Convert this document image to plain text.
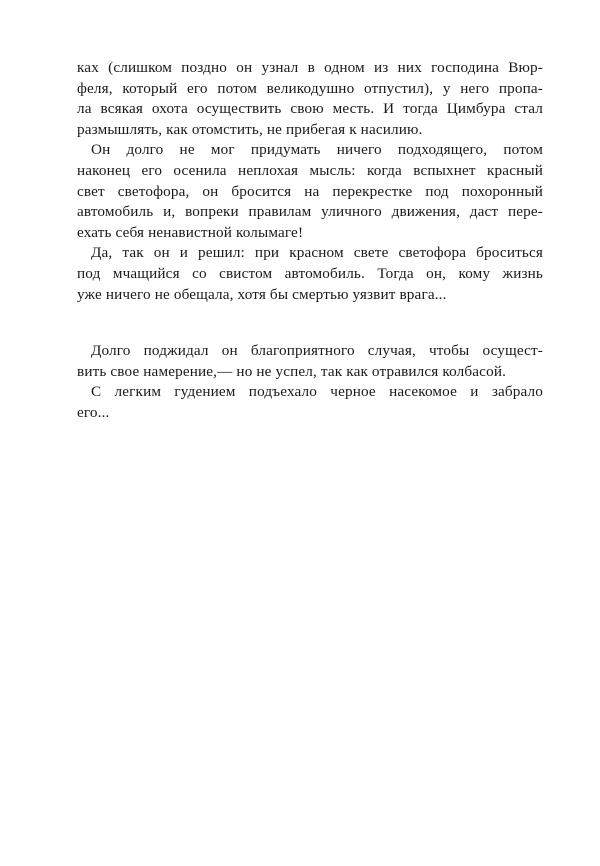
ках (слишком поздно он узнал в одном из них господина Вюр-
феля, который его потом великодушно отпустил), у него пропа-
ла всякая охота осуществить свою месть. И тогда Цимбура стал
размышлять, как отомстить, не прибегая к насилию.
Он долго не мог придумать ничего подходящего, потом
наконец его осенила неплохая мысль: когда вспыхнет красный
свет светофора, он бросится на перекрестке под похоронный
автомобиль и, вопреки правилам уличного движения, даст пере-
ехать себя ненавистной колымаге!
Да, так он и решил: при красном свете светофора броситься
под мчащийся со свистом автомобиль. Тогда он, кому жизнь
уже ничего не обещала, хотя бы смертью уязвит врага...
Долго поджидал он благоприятного случая, чтобы осущест-
вить свое намерение,— но не успел, так как отравился колбасой.
С легким гудением подъехало черное насекомое и забрало
его...
